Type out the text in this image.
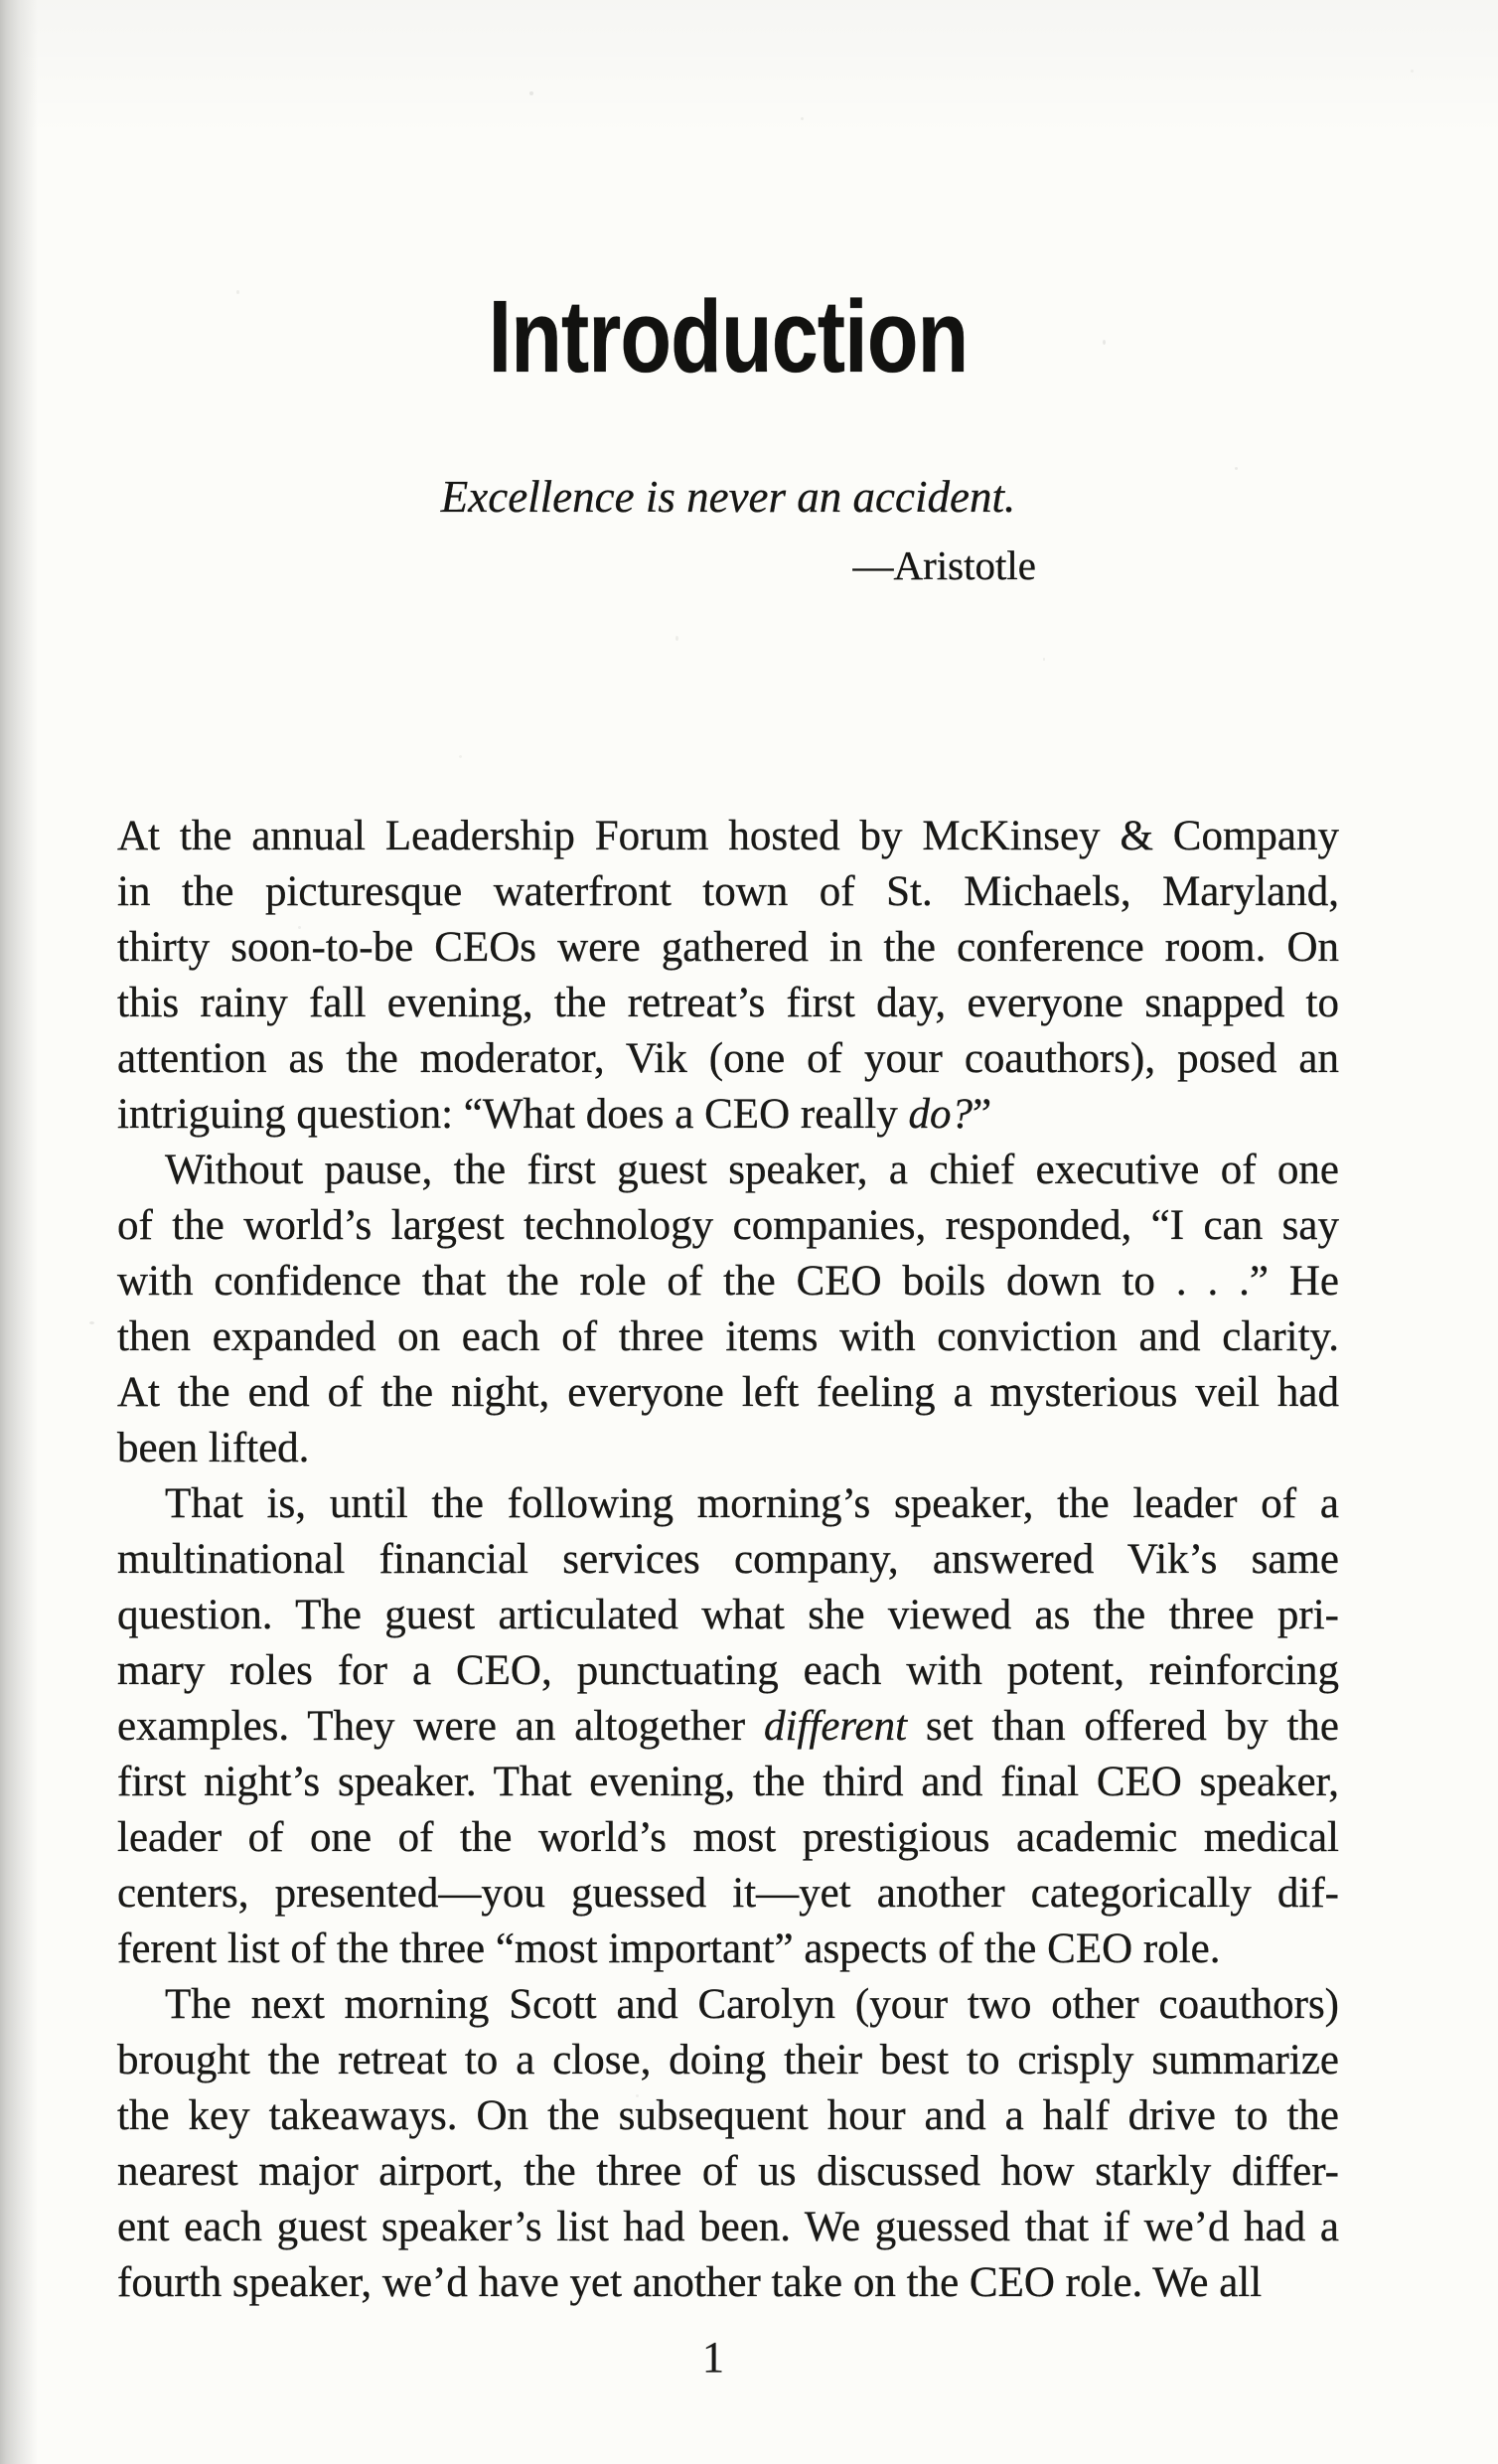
Introduction
Excellence is never an accident.
—Aristotle
At the annual Leadership Forum hosted by McKinsey & Company
in the picturesque waterfront town of St. Michaels, Maryland,
thirty soon-to-be CEOs were gathered in the conference room. On
this rainy fall evening, the retreat’s first day, everyone snapped to
attention as the moderator, Vik (one of your coauthors), posed an
intriguing question: “What does a CEO really do?”
Without pause, the first guest speaker, a chief executive of one
of the world’s largest technology companies, responded, “I can say
with confidence that the role of the CEO boils down to . . .” He
then expanded on each of three items with conviction and clarity.
At the end of the night, everyone left feeling a mysterious veil had
been lifted.
That is, until the following morning’s speaker, the leader of a
multinational financial services company, answered Vik’s same
question. The guest articulated what she viewed as the three pri-
mary roles for a CEO, punctuating each with potent, reinforcing
examples. They were an altogether different set than offered by the
first night’s speaker. That evening, the third and final CEO speaker,
leader of one of the world’s most prestigious academic medical
centers, presented—you guessed it—yet another categorically dif-
ferent list of the three “most important” aspects of the CEO role.
The next morning Scott and Carolyn (your two other coauthors)
brought the retreat to a close, doing their best to crisply summarize
the key takeaways. On the subsequent hour and a half drive to the
nearest major airport, the three of us discussed how starkly differ-
ent each guest speaker’s list had been. We guessed that if we’d had a
fourth speaker, we’d have yet another take on the CEO role. We all
1
